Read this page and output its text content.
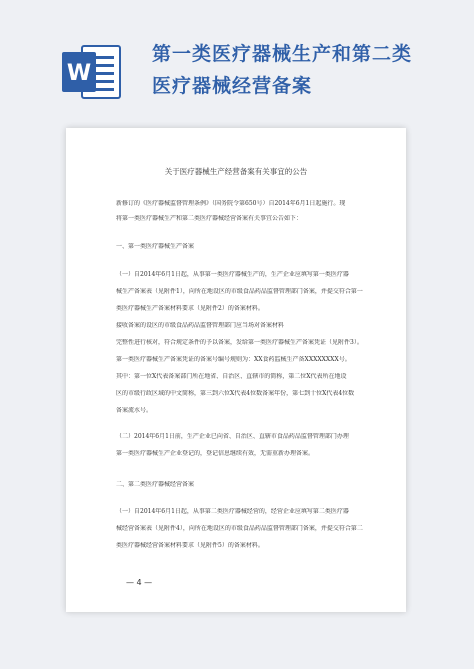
W
第一类医疗器械生产和第二类
医疗器械经营备案
关于医疗器械生产经营备案有关事宜的公告
新修订的《医疗器械监督管理条例》（国务院令第650号）自2014年6月1日起施行。现
将第一类医疗器械生产和第二类医疗器械经营备案有关事宜公告如下：
一、第一类医疗器械生产备案
（一）自2014年6月1日起，从事第一类医疗器械生产的，生产企业应填写第一类医疗器
械生产备案表（见附件1），向所在地设区的市级食品药品监督管理部门备案，并提交符合第一
类医疗器械生产备案材料要求（见附件2）的备案材料。
接收备案的设区的市级食品药品监督管理部门应当场对备案材料
完整性进行核对，符合规定条件的予以备案，发给第一类医疗器械生产备案凭证（见附件3）。
第一类医疗器械生产备案凭证的备案号编号规则为：XX食药监械生产备XXXXXXXX号。
其中：第一位X代表备案部门所在地省、自治区、直辖市的简称，第二位X代表所在地设
区的市级行政区域的中文简称，第三到六位X代表4位数备案年份，第七到十位X代表4位数
备案流水号。
（二）2014年6月1日前，生产企业已向省、自治区、直辖市食品药品监督管理部门办理
第一类医疗器械生产企业登记的，登记信息继续有效，无需重新办理备案。
二、第二类医疗器械经营备案
（一）自2014年6月1日起，从事第二类医疗器械经营的，经营企业应填写第二类医疗器
械经营备案表（见附件4），向所在地设区的市级食品药品监督管理部门备案，并提交符合第二
类医疗器械经营备案材料要求（见附件5）的备案材料。
— 4 —
